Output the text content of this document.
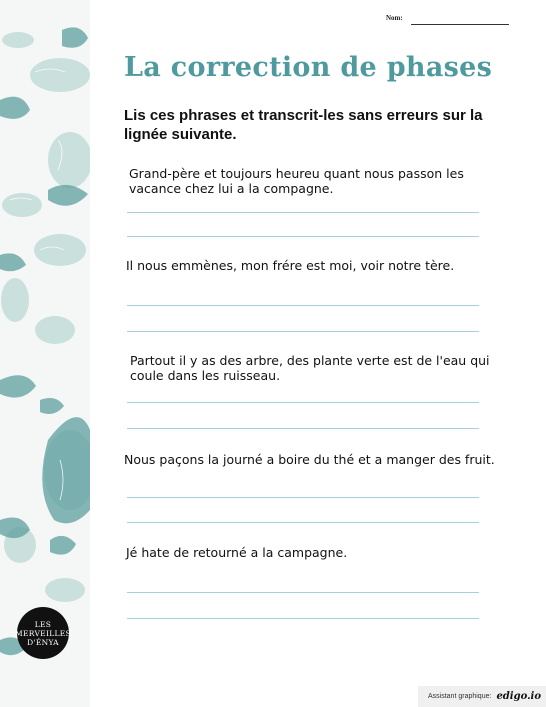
LES
MERVEILLES
D'ÉNYA
Nom:
La correction de phases
Lis ces phrases et transcrit-les sans erreurs sur la lignée suivante.
Grand-père et toujours heureu quant nous passon les vacance chez lui a la compagne.
Il nous emmènes, mon frére est moi, voir notre tère.
Partout il y as des arbre, des plante verte est de l'eau qui coule dans les ruisseau.
Nous paçons la journé a boire du thé et a manger des fruit.
Jé hate de retourné a la campagne.
Assistant graphique: edigo.io
